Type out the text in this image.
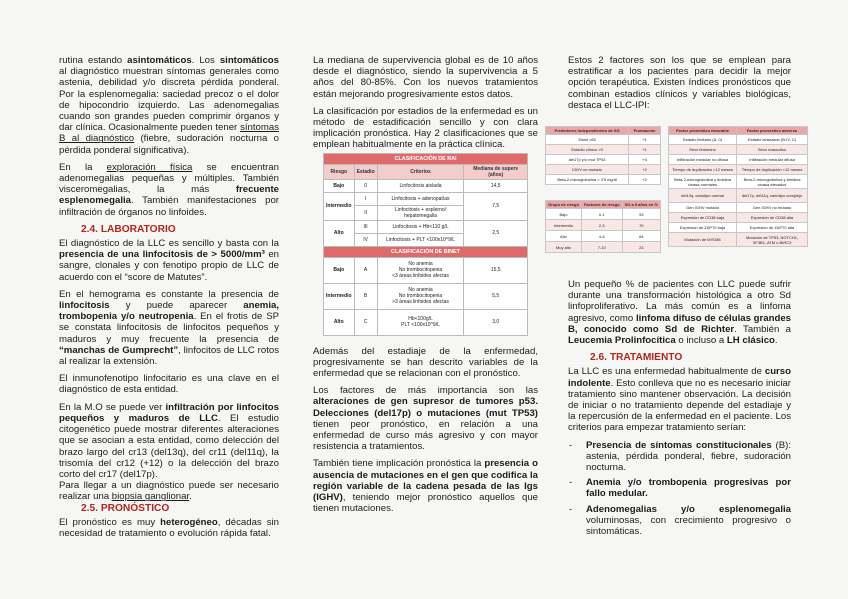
rutina estando asintomáticos. Los sintomáticos al diagnóstico muestran síntomas generales como astenia, debilidad y/o discreta pérdida ponderal. Por la esplenomegalia: saciedad precoz o el dolor de hipocondrio izquierdo. Las adenomegalias cuando son grandes pueden comprimir órganos y dar clínica. Ocasionalmente pueden tener síntomas B al diagnóstico (fiebre, sudoración nocturna o pérdida ponderal significativa).

En la exploración física se encuentran adenomegalias pequeñas y múltiples. También visceromegalias, la más frecuente esplenomegalia. También manifestaciones por infiltración de órganos no linfoides.

2.4. LABORATORIO

El diagnóstico de la LLC es sencillo y basta con la presencia de una linfocitosis de > 5000/mm³ en sangre, clonales y con fenotipo propio de LLC de acuerdo con el “score de Matutes”.

En el hemograma es constante la presencia de linfocitosis y puede aparecer anemia, trombopenia y/o neutropenia. En el frotis de SP se constata linfocitosis de linfocitos pequeños y maduros y muy frecuente la presencia de “manchas de Gumprecht”, linfocitos de LLC rotos al realizar la extensión.

El inmunofenotipo linfocitario es una clave en el diagnóstico de esta entidad.

En la M.O se puede ver infiltración por linfocitos pequeños y maduros de LLC. El estudio citogenético puede mostrar diferentes alteraciones que se asocian a esta entidad, como delección del brazo largo del cr13 (del13q), del cr11 (del11q), la trisomía del cr12 (+12) o la delección del brazo corto del cr17 (del17p).

Para llegar a un diagnóstico puede ser necesario realizar una biopsia ganglionar.

2.5. PRONÓSTICO

El pronóstico es muy heterogéneo, décadas sin necesidad de tratamiento o evolución rápida fatal.

La mediana de supervivencia global es de 10 años desde el diagnóstico, siendo la supervivencia a 5 años del 80-85%. Con los nuevos tratamientos están mejorando progresivamente estos datos.

La clasificación por estadios de la enfermedad es un método de estadificación sencillo y con clara implicación pronóstica. Hay 2 clasificaciones que se emplean habitualmente en la práctica clínica.

CLASIFICACIÓN DE RAI			
Riesgo	Estadio	Criterios	Mediana de superv (años)
Bajo	0	Linfocitosis aislada	14,5
Intermedio	I	Linfocitosis + adenopatías	7,5
	II	Linfocitosis + esplerno/ hepatomegalia	
Alto	III	Linfocitosis + Hb<110 g/L	2,5
	IV	Linfocitosis + PLT <100x10^9/L	
CLASIFICACIÓN DE BINET			
Bajo	A	No anemia
No trombocitopenia
<3 áreas linfoides afectas	15,5
Intermedio	B	No anemia
No trombocitopenia
>3 áreas linfoides afectas	5,5
Alto	C	Hb<100g/L
PLT <100x10^9/L	3,0

Además del estadiaje de la enfermedad, progresivamente se han descrito variables de la enfermedad que se relacionan con el pronóstico.

Los factores de más importancia son las alteraciones de gen supresor de tumores p53. Delecciones (del17p) o mutaciones (mut TP53) tienen peor pronóstico, en relación a una enfermedad de curso más agresivo y con mayor resistencia a tratamientos.

También tiene implicación pronóstica la presencia o ausencia de mutaciones en el gen que codifica la región variable de la cadena pesada de las Igs (IGHV), teniendo mejor pronóstico aquellos que tienen mutaciones.

Estos 2 factores son los que se emplean para estratificar a los pacientes para decidir la mejor opción terapéutica. Existen índices pronósticos que combinan estadios clínicos y variables biológicas, destaca el LLC-IPI:

Predictores independientes de SG	Puntuación
Edad >65	+1
Estadio clínico >0	+1
del17p y/o mut TP53	+4
IGHV no mutado	+2
Beta-2-microglobulina > 3'5 mg/dl	+2
Grupo de riesgo	Factores de riesgo	SG a 5 años en %
Bajo	0-1	93
Intermedio	2-3	79
Alto	4-6	64
Muy alto	7-10	23
Factor pronóstico favorable	Factor pronóstico adverso
Estadio limitado (A, 0)	Estadio avanzado (B-IV, C)
Sexo femenino	Sexo masculino
Infiltración medular no difusa	Infiltración medular difusa
Tiempo de duplicación >12 meses	Tiempo de duplicación <12 meses
Beta-2-microglobulina y timidina cinasa normales	Beta-2-microglobulina y timidina cinasa elevados
del13q, cariotipo normal	del17p, del11q, cariotipo complejo
Gen IGHV mutado	Gen IGHV no mutado
Expresión de CD38 baja	Expresión de CD38 alta
Expresión de ZAP70 baja	Expresión de ZAP70 alta
Mutación de MYD88	Mutación de TP53, NOTCH1, SF3B1, ATM o BIRC3

Un pequeño % de pacientes con LLC puede sufrir durante una transformación histológica a otro Sd linfoproliferativo. La más común es a linfoma agresivo, como linfoma difuso de células grandes B, conocido como Sd de Richter. También a Leucemia Prolinfocítica o incluso a LH clásico.

2.6. TRATAMIENTO

La LLC es una enfermedad habitualmente de curso indolente. Esto conlleva que no es necesario iniciar tratamiento sino mantener observación. La decisión de iniciar o no tratamiento depende del estadiaje y la repercusión de la enfermedad en el paciente. Los criterios para empezar tratamiento serían:

- Presencia de síntomas constitucionales (B): astenia, pérdida ponderal, fiebre, sudoración nocturna.
- Anemia y/o trombopenia progresivas por fallo medular.
- Adenomegalias y/o esplenomegalia voluminosas, con crecimiento progresivo o sintomáticas.
